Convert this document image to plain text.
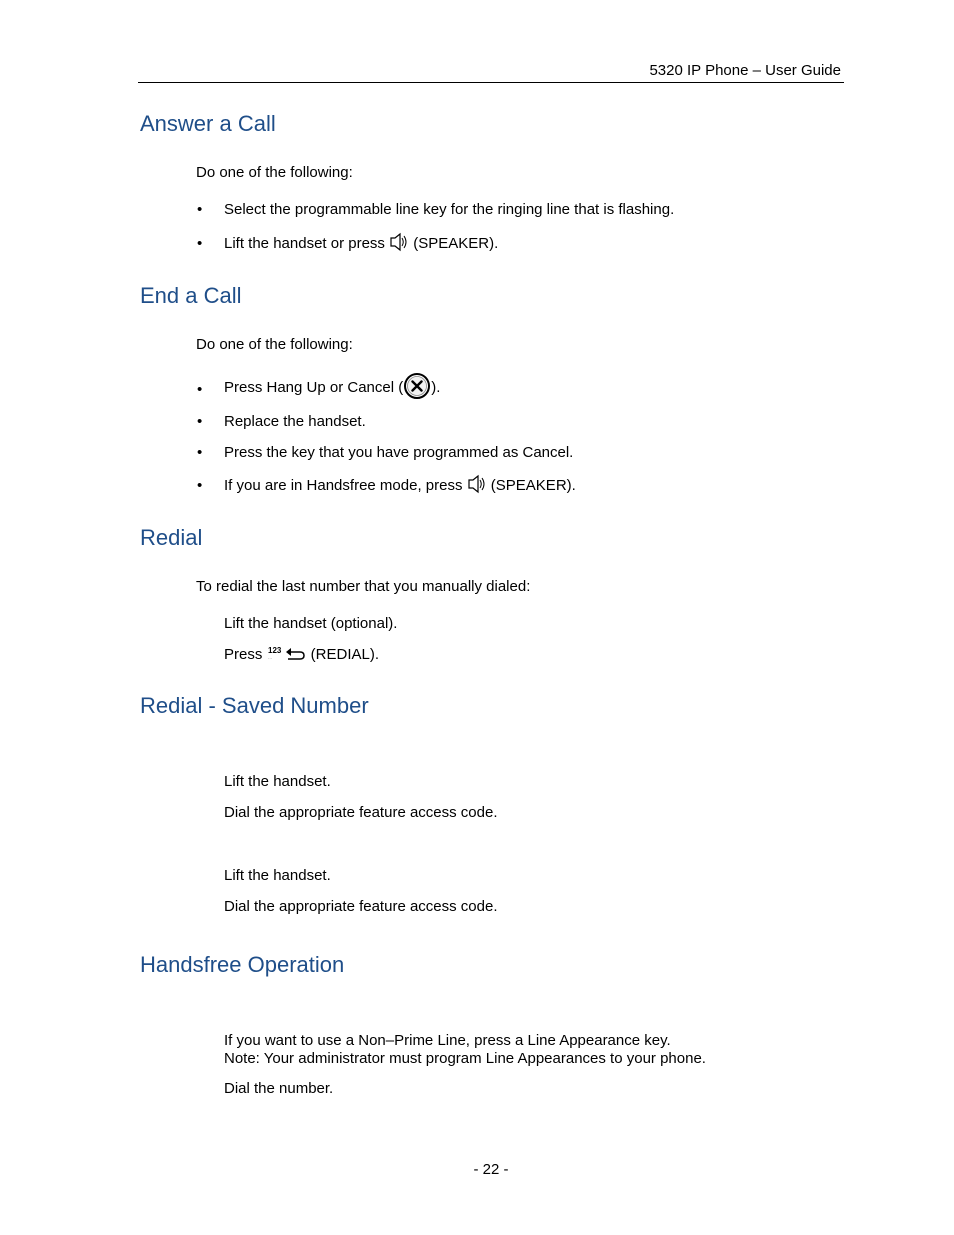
5320 IP Phone – User Guide
Answer a Call
Do one of the following:
• Select the programmable line key for the ringing line that is flashing.
• Lift the handset or press  (SPEAKER).
End a Call
Do one of the following:
• Press Hang Up or Cancel ( ).
• Replace the handset.
• Press the key that you have programmed as Cancel.
• If you are in Handsfree mode, press  (SPEAKER).
Redial
To redial the last number that you manually dialed:
Lift the handset (optional).
Press 123
··· (REDIAL).
Redial - Saved Number
Lift the handset.
Dial the appropriate feature access code.
Lift the handset.
Dial the appropriate feature access code.
Handsfree Operation
If you want to use a Non–Prime Line, press a Line Appearance key.
Note: Your administrator must program Line Appearances to your phone.
Dial the number.
- 22 -
